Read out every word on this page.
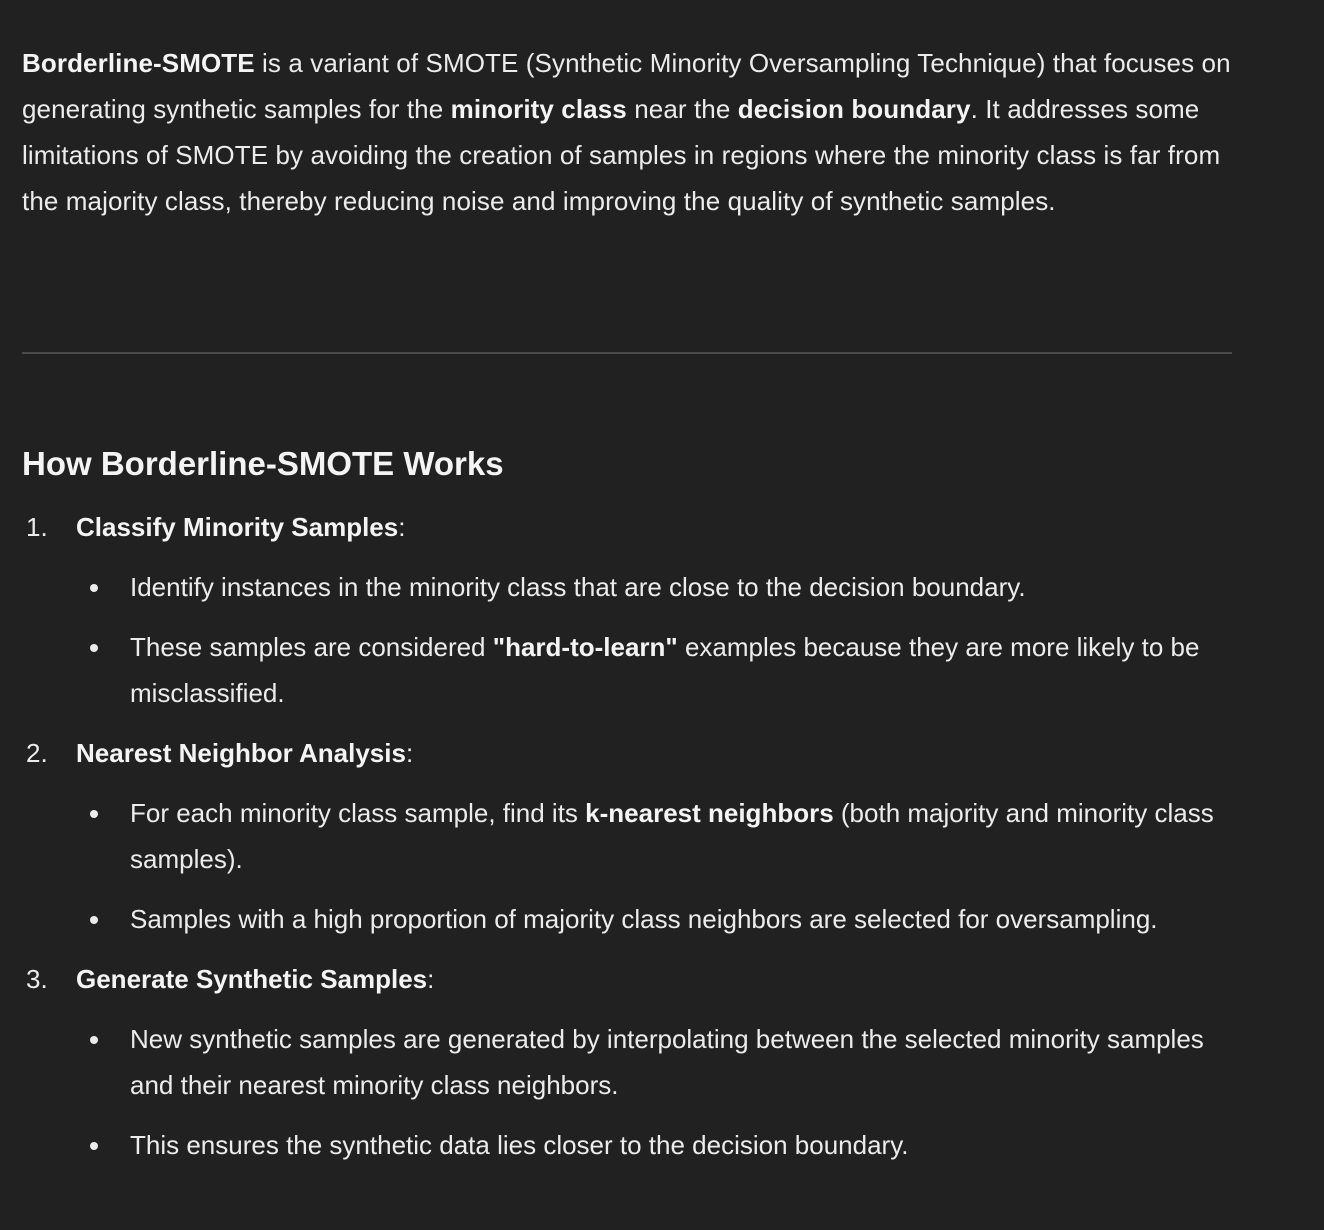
Borderline-SMOTE is a variant of SMOTE (Synthetic Minority Oversampling Technique) that focuses on generating synthetic samples for the minority class near the decision boundary. It addresses some limitations of SMOTE by avoiding the creation of samples in regions where the minority class is far from the majority class, thereby reducing noise and improving the quality of synthetic samples.

How Borderline-SMOTE Works
1. Classify Minority Samples:
Identify instances in the minority class that are close to the decision boundary.
These samples are considered "hard-to-learn" examples because they are more likely to be misclassified.
2. Nearest Neighbor Analysis:
For each minority class sample, find its k-nearest neighbors (both majority and minority class samples).
Samples with a high proportion of majority class neighbors are selected for oversampling.
3. Generate Synthetic Samples:
New synthetic samples are generated by interpolating between the selected minority samples and their nearest minority class neighbors.
This ensures the synthetic data lies closer to the decision boundary.
